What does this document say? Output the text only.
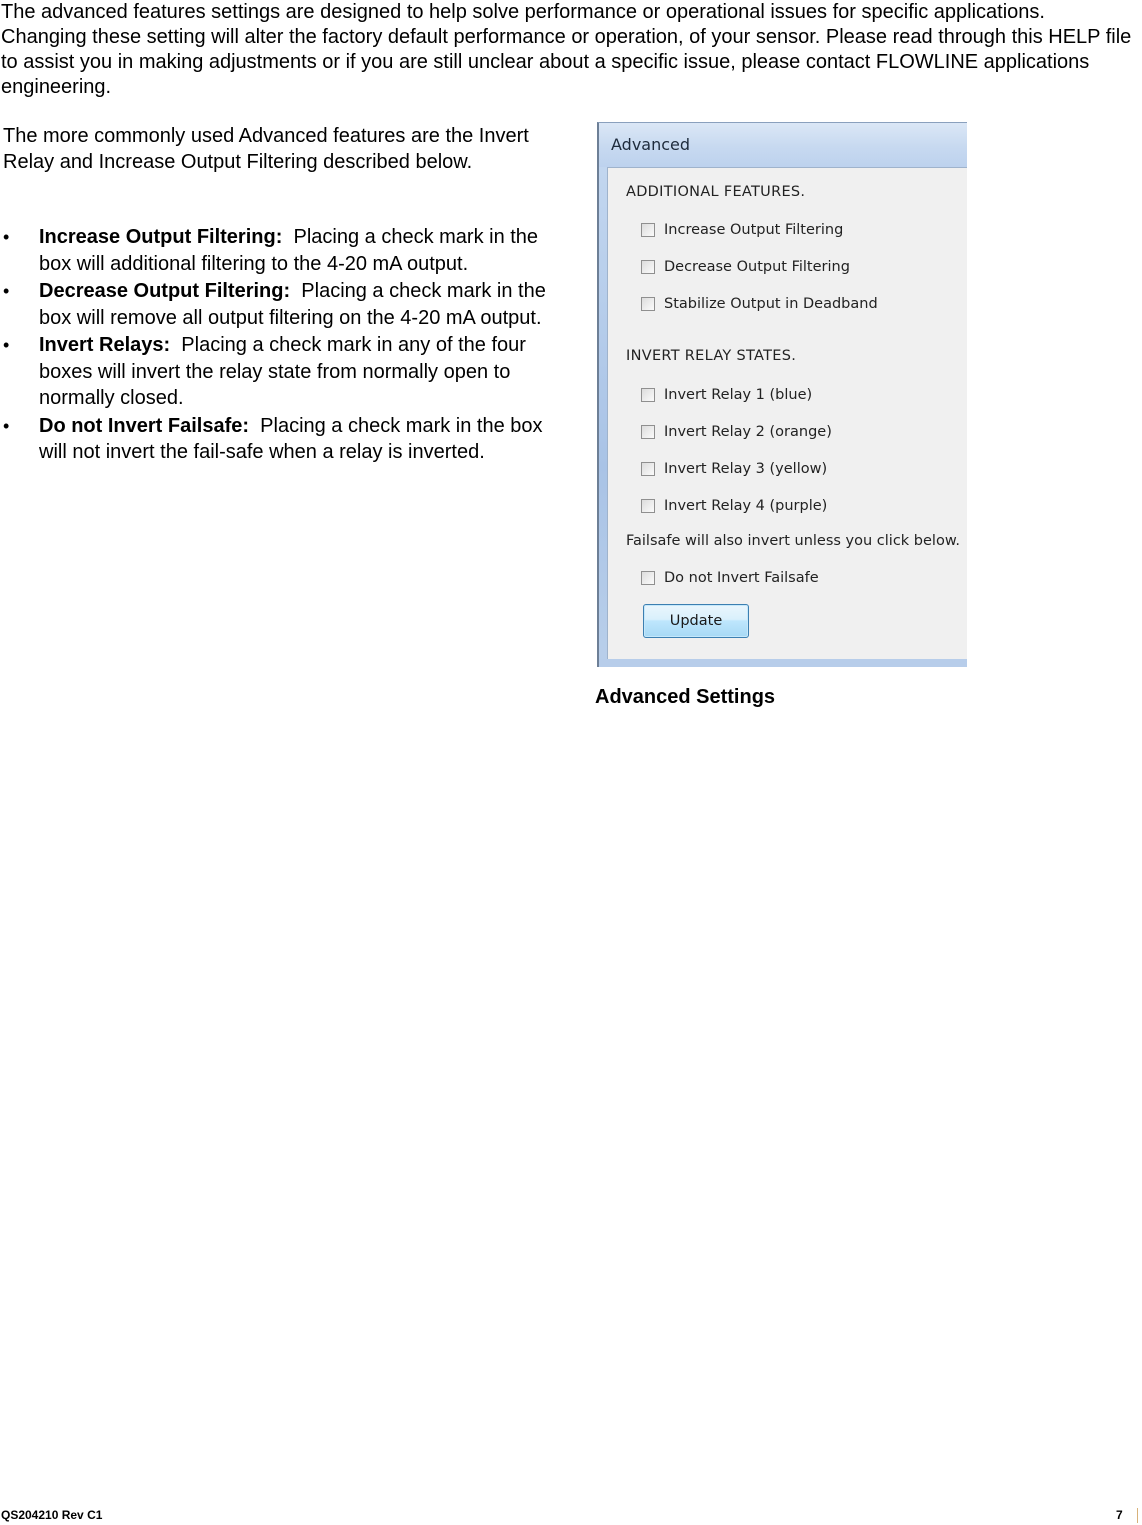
The advanced features settings are designed to help solve performance or operational issues for specific applications. Changing these setting will alter the factory default performance or operation, of your sensor. Please read through this HELP file to assist you in making adjustments or if you are still unclear about a specific issue, please contact FLOWLINE applications engineering.

The more commonly used Advanced features are the Invert Relay and Increase Output Filtering described below.

• Increase Output Filtering: Placing a check mark in the box will additional filtering to the 4-20 mA output.
• Decrease Output Filtering: Placing a check mark in the box will remove all output filtering on the 4-20 mA output.
• Invert Relays: Placing a check mark in any of the four boxes will invert the relay state from normally open to normally closed.
• Do not Invert Failsafe: Placing a check mark in the box will not invert the fail-safe when a relay is inverted.
Advanced
ADDITIONAL FEATURES.
Increase Output Filtering
Decrease Output Filtering
Stabilize Output in Deadband
INVERT RELAY STATES.
Invert Relay 1 (blue)
Invert Relay 2 (orange)
Invert Relay 3 (yellow)
Invert Relay 4 (purple)
Failsafe will also invert unless you click below.
Do not Invert Failsafe
Update
Advanced Settings
QS204210 Rev C1	7
